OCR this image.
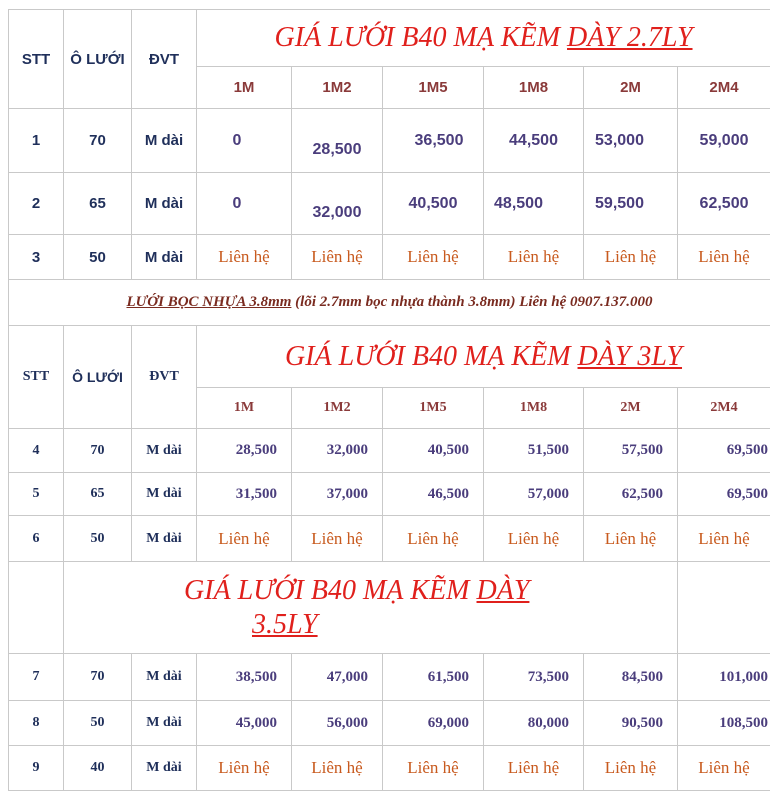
STT	Ô LƯỚI	ĐVT	GIÁ LƯỚI B40 MẠ KẼM DÀY 2.7LY					
			1M	1M2	1M5	1M8	2M	2M4
1	70	M dài	0	28,500	36,500	44,500	53,000	59,000
2	65	M dài	0	32,000	40,500	48,500	59,500	62,500
3	50	M dài	Liên hệ	Liên hệ	Liên hệ	Liên hệ	Liên hệ	Liên hệ
LƯỚI BỌC NHỰA 3.8mm (lõi 2.7mm bọc nhựa thành 3.8mm) Liên hệ 0907.137.000								
STT	Ô LƯỚI	ĐVT	GIÁ LƯỚI B40 MẠ KẼM DÀY 3LY					
			1M	1M2	1M5	1M8	2M	2M4
4	70	M dài	28,500	32,000	40,500	51,500	57,500	69,500
5	65	M dài	31,500	37,000	46,500	57,000	62,500	69,500
6	50	M dài	Liên hệ	Liên hệ	Liên hệ	Liên hệ	Liên hệ	Liên hệ
	GIÁ LƯỚI B40 MẠ KẼM DÀY
3.5LY							
7	70	M dài	38,500	47,000	61,500	73,500	84,500	101,000
8	50	M dài	45,000	56,000	69,000	80,000	90,500	108,500
9	40	M dài	Liên hệ	Liên hệ	Liên hệ	Liên hệ	Liên hệ	Liên hệ
